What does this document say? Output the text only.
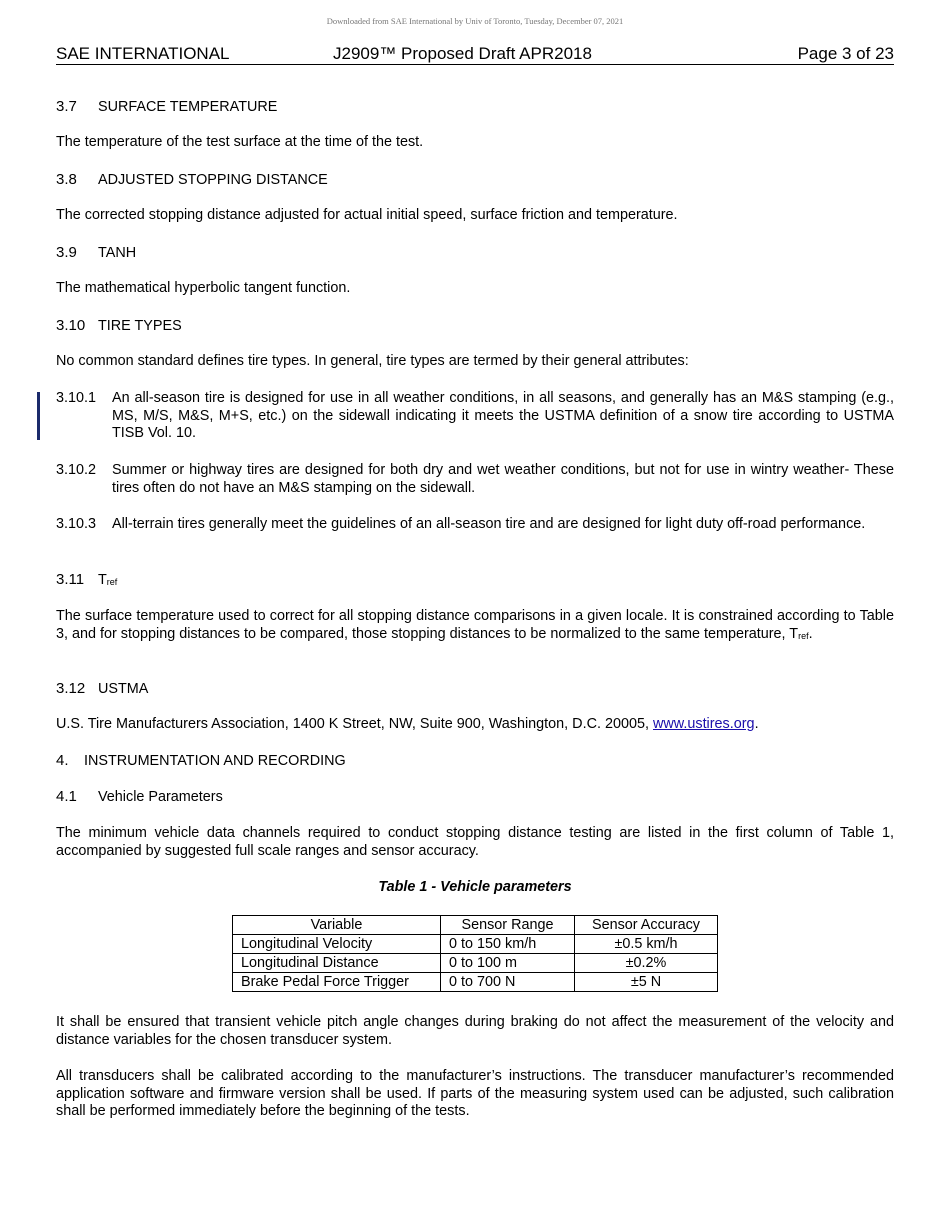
Downloaded from SAE International by Univ of Toronto, Tuesday, December 07, 2021
SAE INTERNATIONAL	J2909™ Proposed Draft APR2018	Page 3 of 23
3.7 SURFACE TEMPERATURE
The temperature of the test surface at the time of the test.
3.8 ADJUSTED STOPPING DISTANCE
The corrected stopping distance adjusted for actual initial speed, surface friction and temperature.
3.9 TANH
The mathematical hyperbolic tangent function.
3.10 TIRE TYPES
No common standard defines tire types. In general, tire types are termed by their general attributes:
3.10.1 An all-season tire is designed for use in all weather conditions, in all seasons, and generally has an M&S stamping (e.g., MS, M/S, M&S, M+S, etc.) on the sidewall indicating it meets the USTMA definition of a snow tire according to USTMA TISB Vol. 10.
3.10.2 Summer or highway tires are designed for both dry and wet weather conditions, but not for use in wintry weather- These tires often do not have an M&S stamping on the sidewall.
3.10.3 All-terrain tires generally meet the guidelines of an all-season tire and are designed for light duty off-road performance.
3.11 Tref
The surface temperature used to correct for all stopping distance comparisons in a given locale. It is constrained according to Table 3, and for stopping distances to be compared, those stopping distances to be normalized to the same temperature, Tref.
3.12 USTMA
U.S. Tire Manufacturers Association, 1400 K Street, NW, Suite 900, Washington, D.C. 20005, www.ustires.org.
4. INSTRUMENTATION AND RECORDING
4.1 Vehicle Parameters
The minimum vehicle data channels required to conduct stopping distance testing are listed in the first column of Table 1, accompanied by suggested full scale ranges and sensor accuracy.
Table 1 - Vehicle parameters
Variable	Sensor Range	Sensor Accuracy
Longitudinal Velocity	0 to 150 km/h	±0.5 km/h
Longitudinal Distance	0 to 100 m	±0.2%
Brake Pedal Force Trigger	0 to 700 N	±5 N
It shall be ensured that transient vehicle pitch angle changes during braking do not affect the measurement of the velocity and distance variables for the chosen transducer system.
All transducers shall be calibrated according to the manufacturer’s instructions. The transducer manufacturer’s recommended application software and firmware version shall be used. If parts of the measuring system used can be adjusted, such calibration shall be performed immediately before the beginning of the tests.
